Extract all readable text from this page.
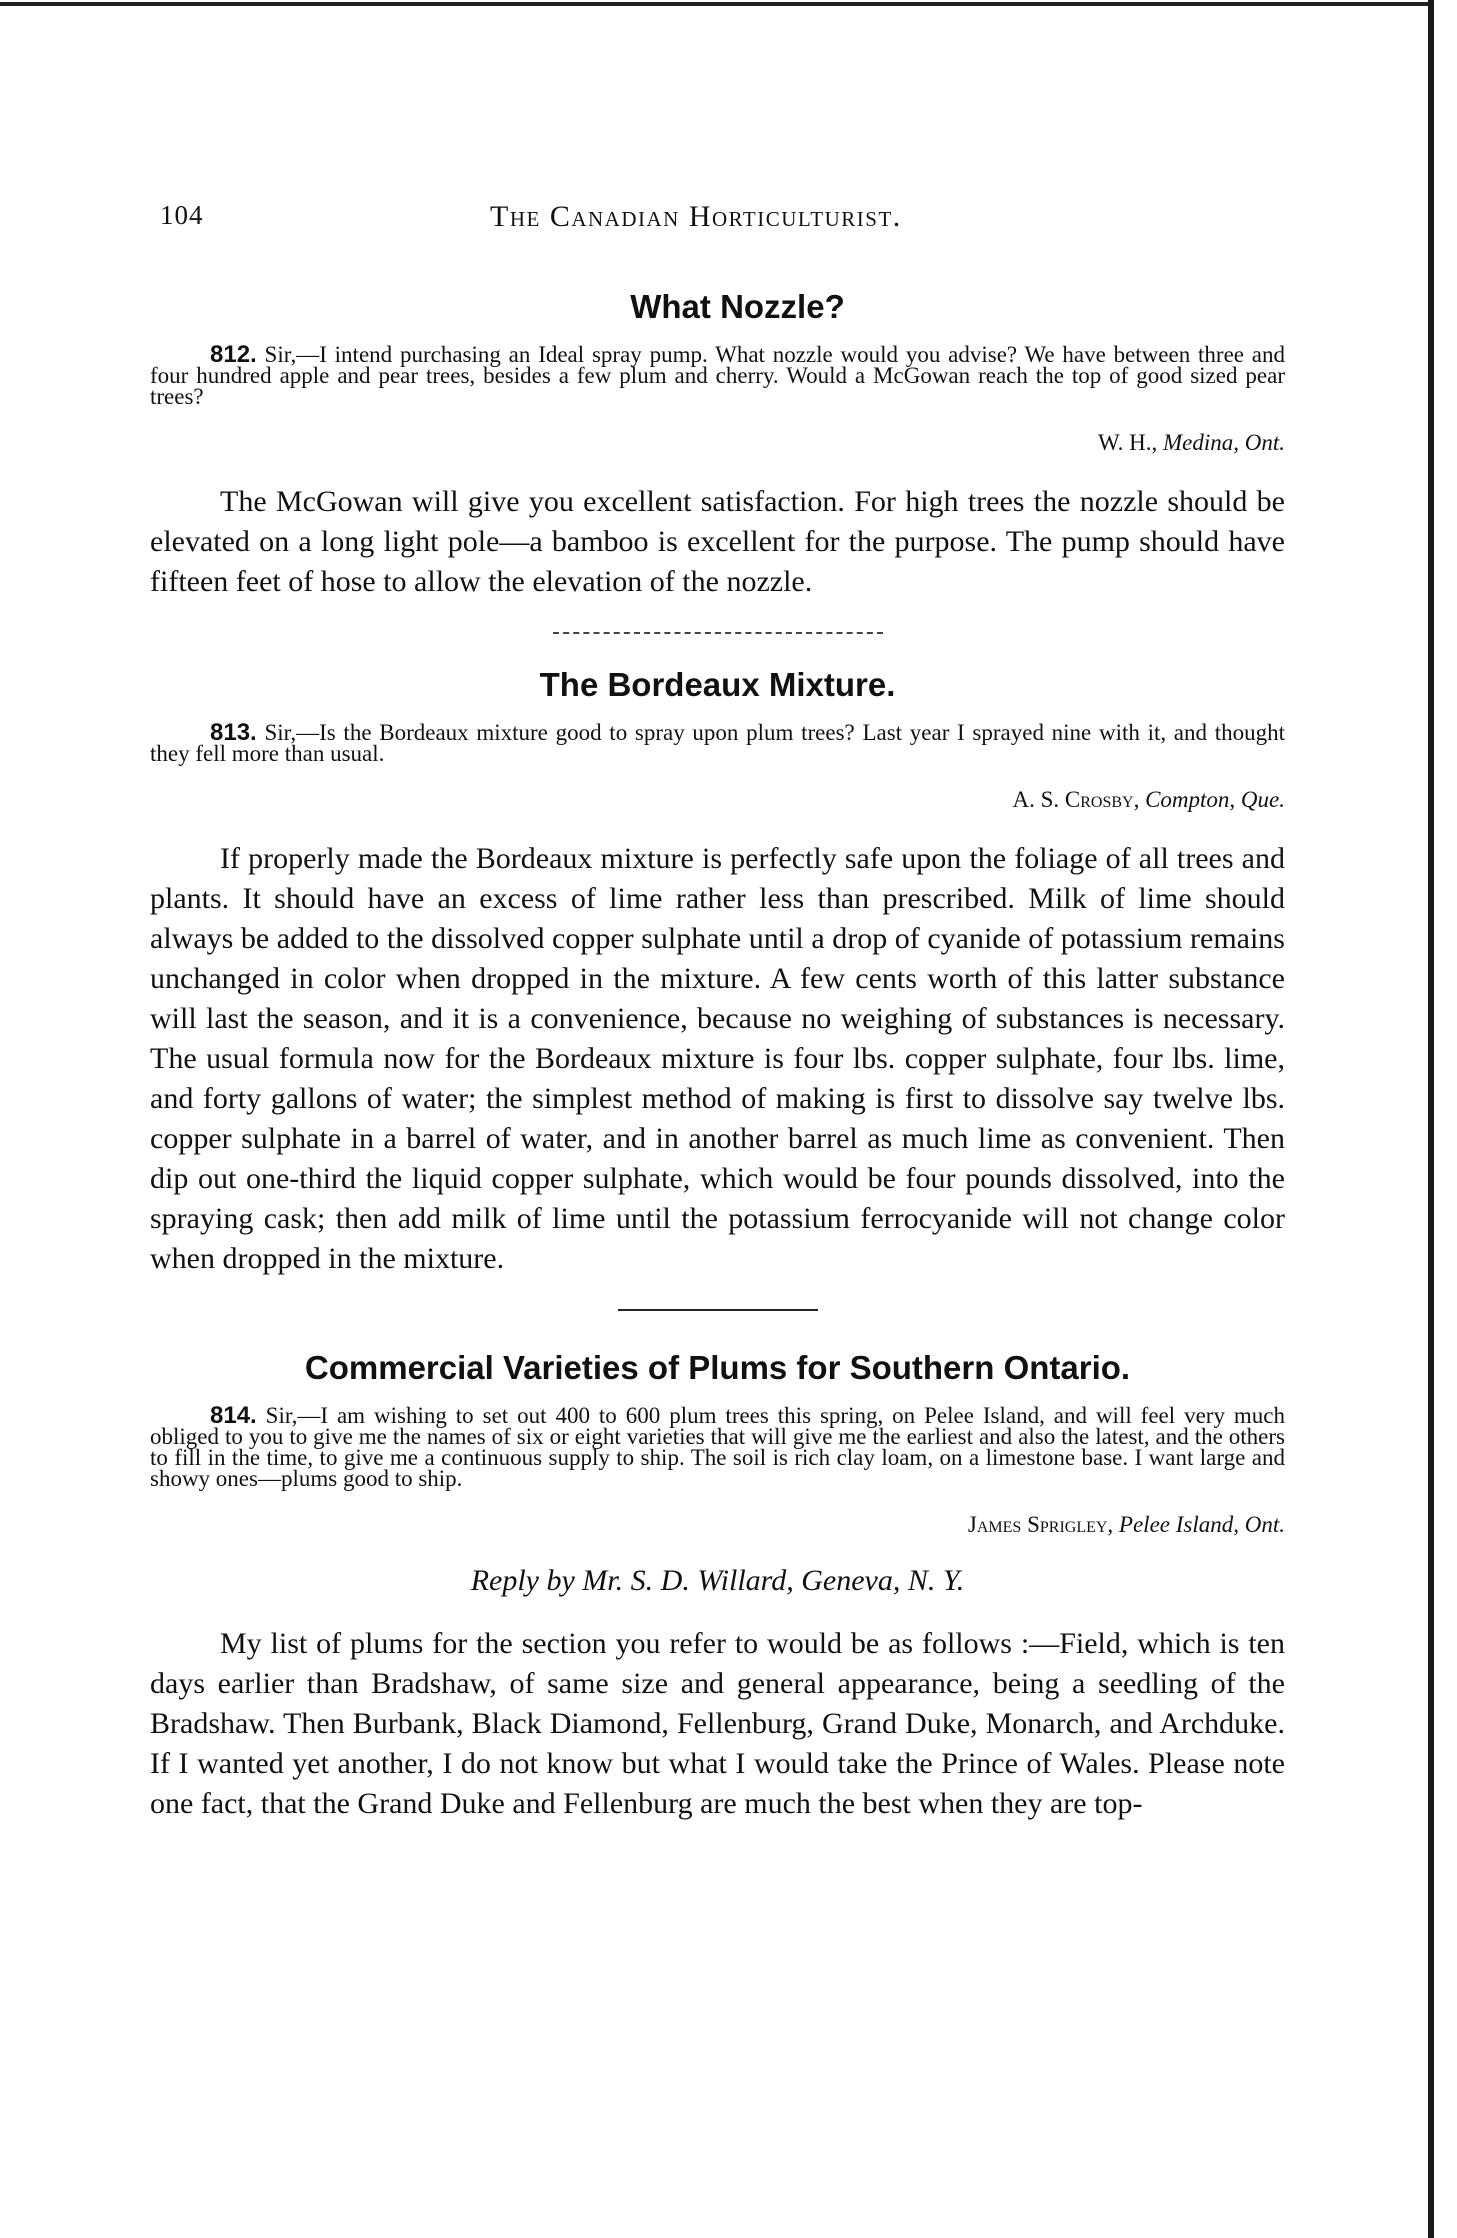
104	The Canadian Horticulturist.
What Nozzle?

812. Sir,—I intend purchasing an Ideal spray pump. What nozzle would you advise? We have between three and four hundred apple and pear trees, besides a few plum and cherry. Would a McGowan reach the top of good sized pear trees?

W. H., Medina, Ont.

The McGowan will give you excellent satisfaction. For high trees the nozzle should be elevated on a long light pole—a bamboo is excellent for the purpose. The pump should have fifteen feet of hose to allow the elevation of the nozzle.

The Bordeaux Mixture.

813. Sir,—Is the Bordeaux mixture good to spray upon plum trees? Last year I sprayed nine with it, and thought they fell more than usual.

A. S. Crosby, Compton, Que.

If properly made the Bordeaux mixture is perfectly safe upon the foliage of all trees and plants. It should have an excess of lime rather less than prescribed. Milk of lime should always be added to the dissolved copper sulphate until a drop of cyanide of potassium remains unchanged in color when dropped in the mixture. A few cents worth of this latter substance will last the season, and it is a convenience, because no weighing of substances is necessary. The usual formula now for the Bordeaux mixture is four lbs. copper sulphate, four lbs. lime, and forty gallons of water; the simplest method of making is first to dissolve say twelve lbs. copper sulphate in a barrel of water, and in another barrel as much lime as convenient. Then dip out one-third the liquid copper sulphate, which would be four pounds dissolved, into the spraying cask; then add milk of lime until the potassium ferrocyanide will not change color when dropped in the mixture.

Commercial Varieties of Plums for Southern Ontario.

814. Sir,—I am wishing to set out 400 to 600 plum trees this spring, on Pelee Island, and will feel very much obliged to you to give me the names of six or eight varieties that will give me the earliest and also the latest, and the others to fill in the time, to give me a continuous supply to ship. The soil is rich clay loam, on a limestone base. I want large and showy ones—plums good to ship.

James Sprigley, Pelee Island, Ont.
Reply by Mr. S. D. Willard, Geneva, N. Y.

My list of plums for the section you refer to would be as follows :—Field, which is ten days earlier than Bradshaw, of same size and general appearance, being a seedling of the Bradshaw. Then Burbank, Black Diamond, Fellenburg, Grand Duke, Monarch, and Archduke. If I wanted yet another, I do not know but what I would take the Prince of Wales. Please note one fact, that the Grand Duke and Fellenburg are much the best when they are top-
